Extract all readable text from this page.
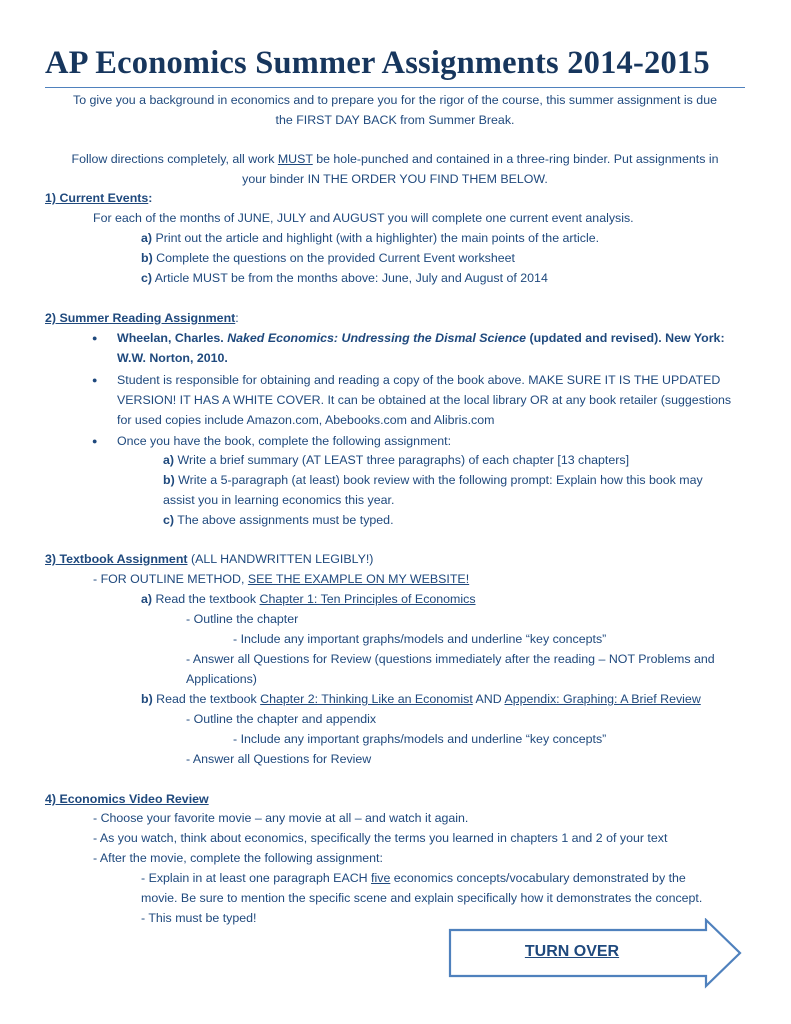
AP Economics Summer Assignments 2014-2015
To give you a background in economics and to prepare you for the rigor of the course, this summer assignment is due
the FIRST DAY BACK from Summer Break.
Follow directions completely, all work MUST be hole-punched and contained in a three-ring binder. Put assignments in
your binder IN THE ORDER YOU FIND THEM BELOW.
1) Current Events:
For each of the months of JUNE, JULY and AUGUST you will complete one current event analysis.
a) Print out the article and highlight (with a highlighter) the main points of the article.
b) Complete the questions on the provided Current Event worksheet
c) Article MUST be from the months above: June, July and August of 2014
2) Summer Reading Assignment:
● Wheelan, Charles. Naked Economics: Undressing the Dismal Science (updated and revised). New York:
W.W. Norton, 2010.
● Student is responsible for obtaining and reading a copy of the book above. MAKE SURE IT IS THE UPDATED
VERSION! IT HAS A WHITE COVER. It can be obtained at the local library OR at any book retailer (suggestions
for used copies include Amazon.com, Abebooks.com and Alibris.com
● Once you have the book, complete the following assignment:
a) Write a brief summary (AT LEAST three paragraphs) of each chapter [13 chapters]
b) Write a 5-paragraph (at least) book review with the following prompt: Explain how this book may
assist you in learning economics this year.
c) The above assignments must be typed.
3) Textbook Assignment (ALL HANDWRITTEN LEGIBLY!)
- FOR OUTLINE METHOD, SEE THE EXAMPLE ON MY WEBSITE!
a) Read the textbook Chapter 1: Ten Principles of Economics
- Outline the chapter
- Include any important graphs/models and underline “key concepts”
- Answer all Questions for Review (questions immediately after the reading – NOT Problems and
Applications)
b) Read the textbook Chapter 2: Thinking Like an Economist AND Appendix: Graphing: A Brief Review
- Outline the chapter and appendix
- Include any important graphs/models and underline “key concepts”
- Answer all Questions for Review
4) Economics Video Review
- Choose your favorite movie – any movie at all – and watch it again.
- As you watch, think about economics, specifically the terms you learned in chapters 1 and 2 of your text
- After the movie, complete the following assignment:
- Explain in at least one paragraph EACH five economics concepts/vocabulary demonstrated by the
movie. Be sure to mention the specific scene and explain specifically how it demonstrates the concept.
- This must be typed!
TURN OVER
